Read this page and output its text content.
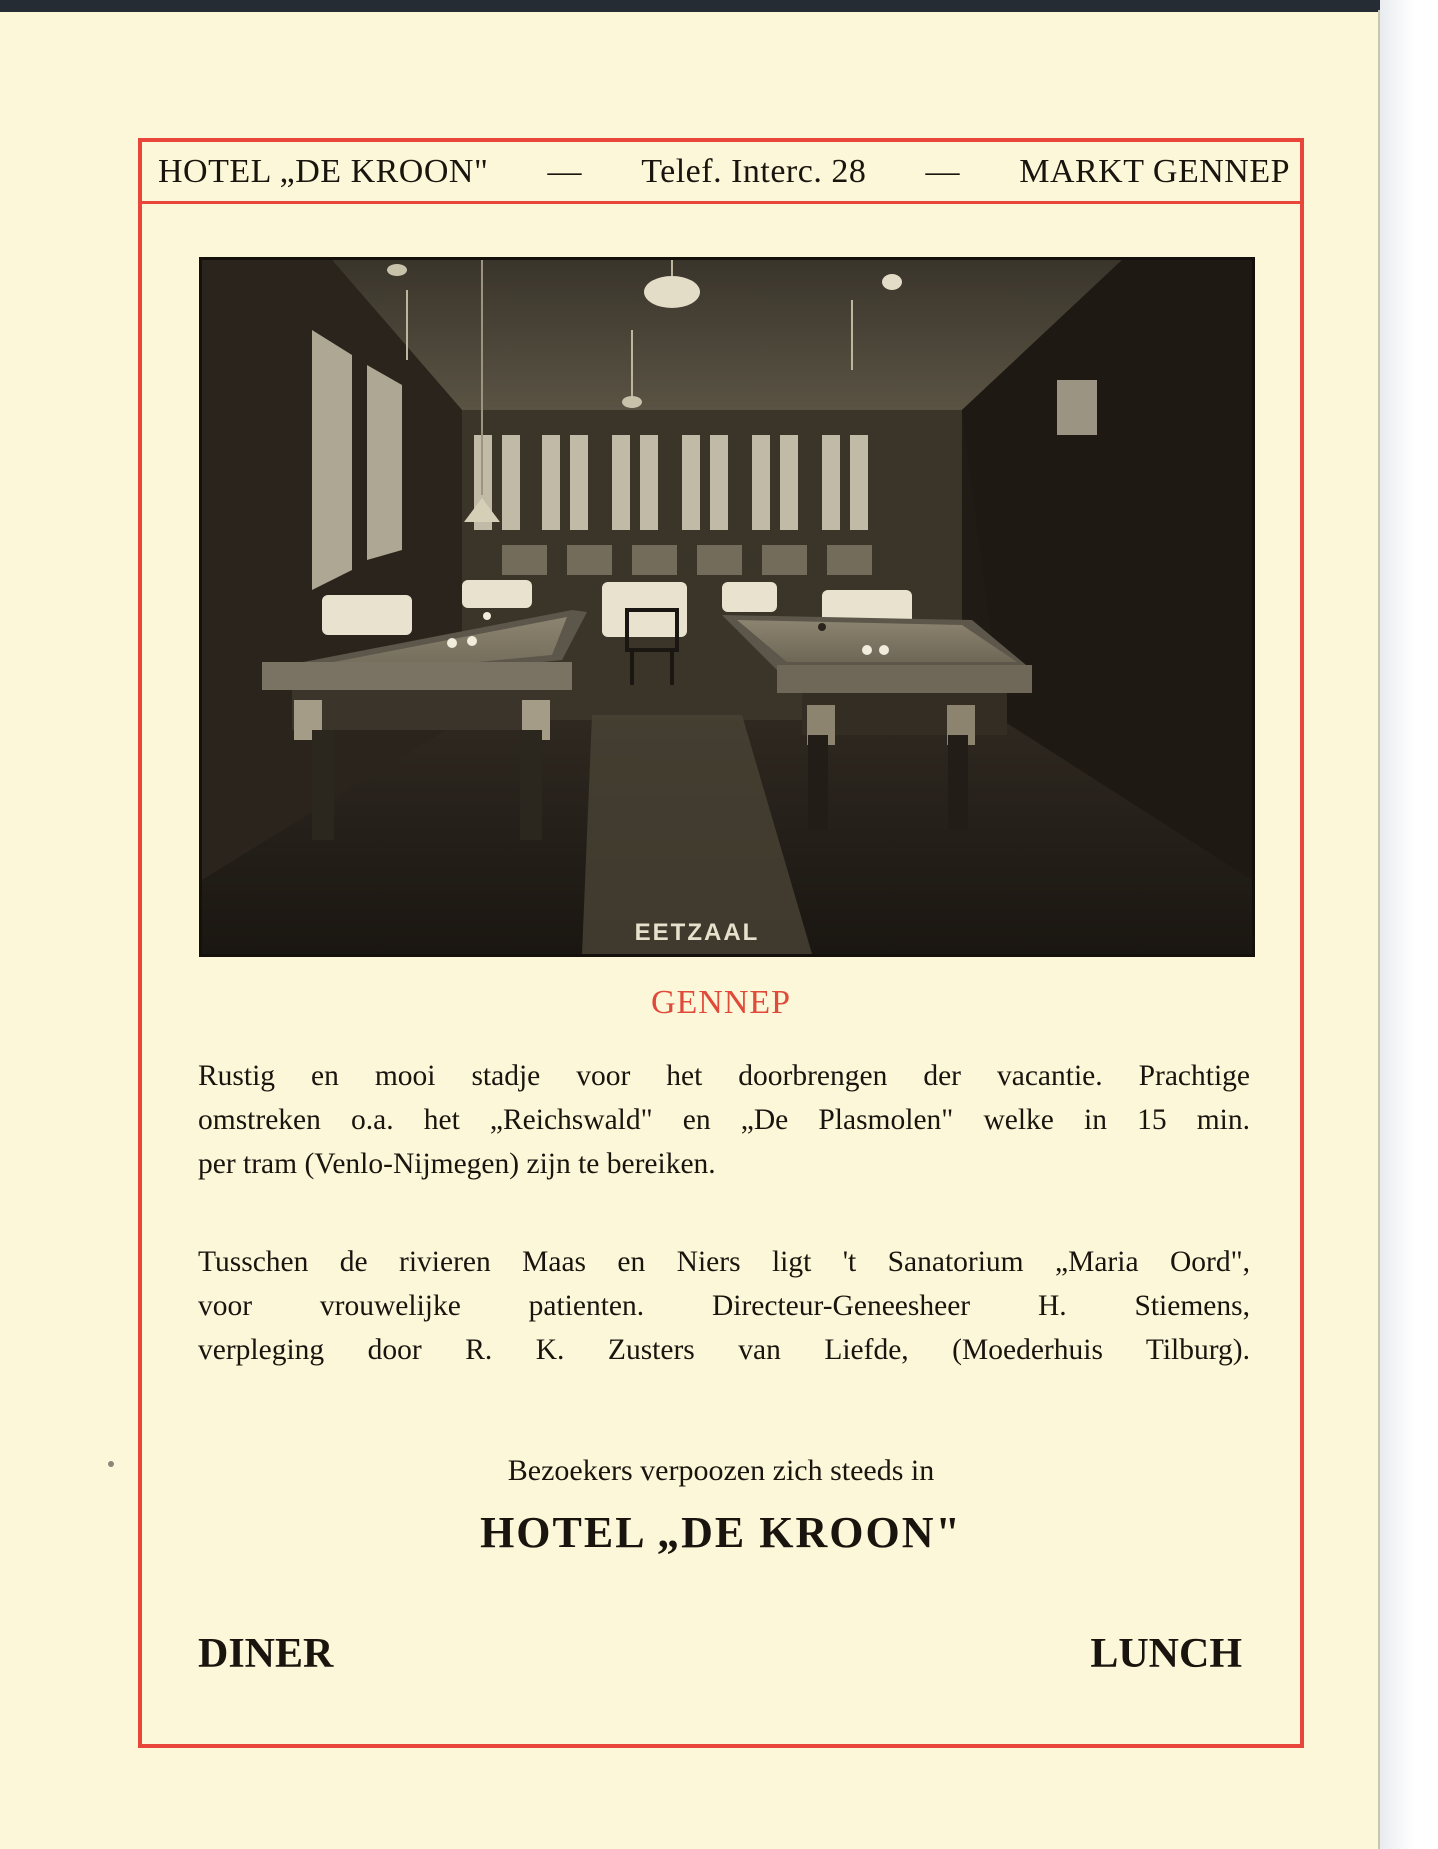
HOTEL „DE KROON" — Telef. Interc. 28 — MARKT GENNEP
EETZAAL
GENNEP
Rustig en mooi stadje voor het doorbrengen der vacantie. Prachtige
omstreken o.a. het „Reichswald" en „De Plasmolen" welke in 15 min.
per tram (Venlo-Nijmegen) zijn te bereiken.
Tusschen de rivieren Maas en Niers ligt 't Sanatorium „Maria Oord",
voor vrouwelijke patienten. Directeur-Geneesheer H. Stiemens,
verpleging door R. K. Zusters van Liefde, (Moederhuis Tilburg).
Bezoekers verpoozen zich steeds in
HOTEL „DE KROON"
DINER	LUNCH
